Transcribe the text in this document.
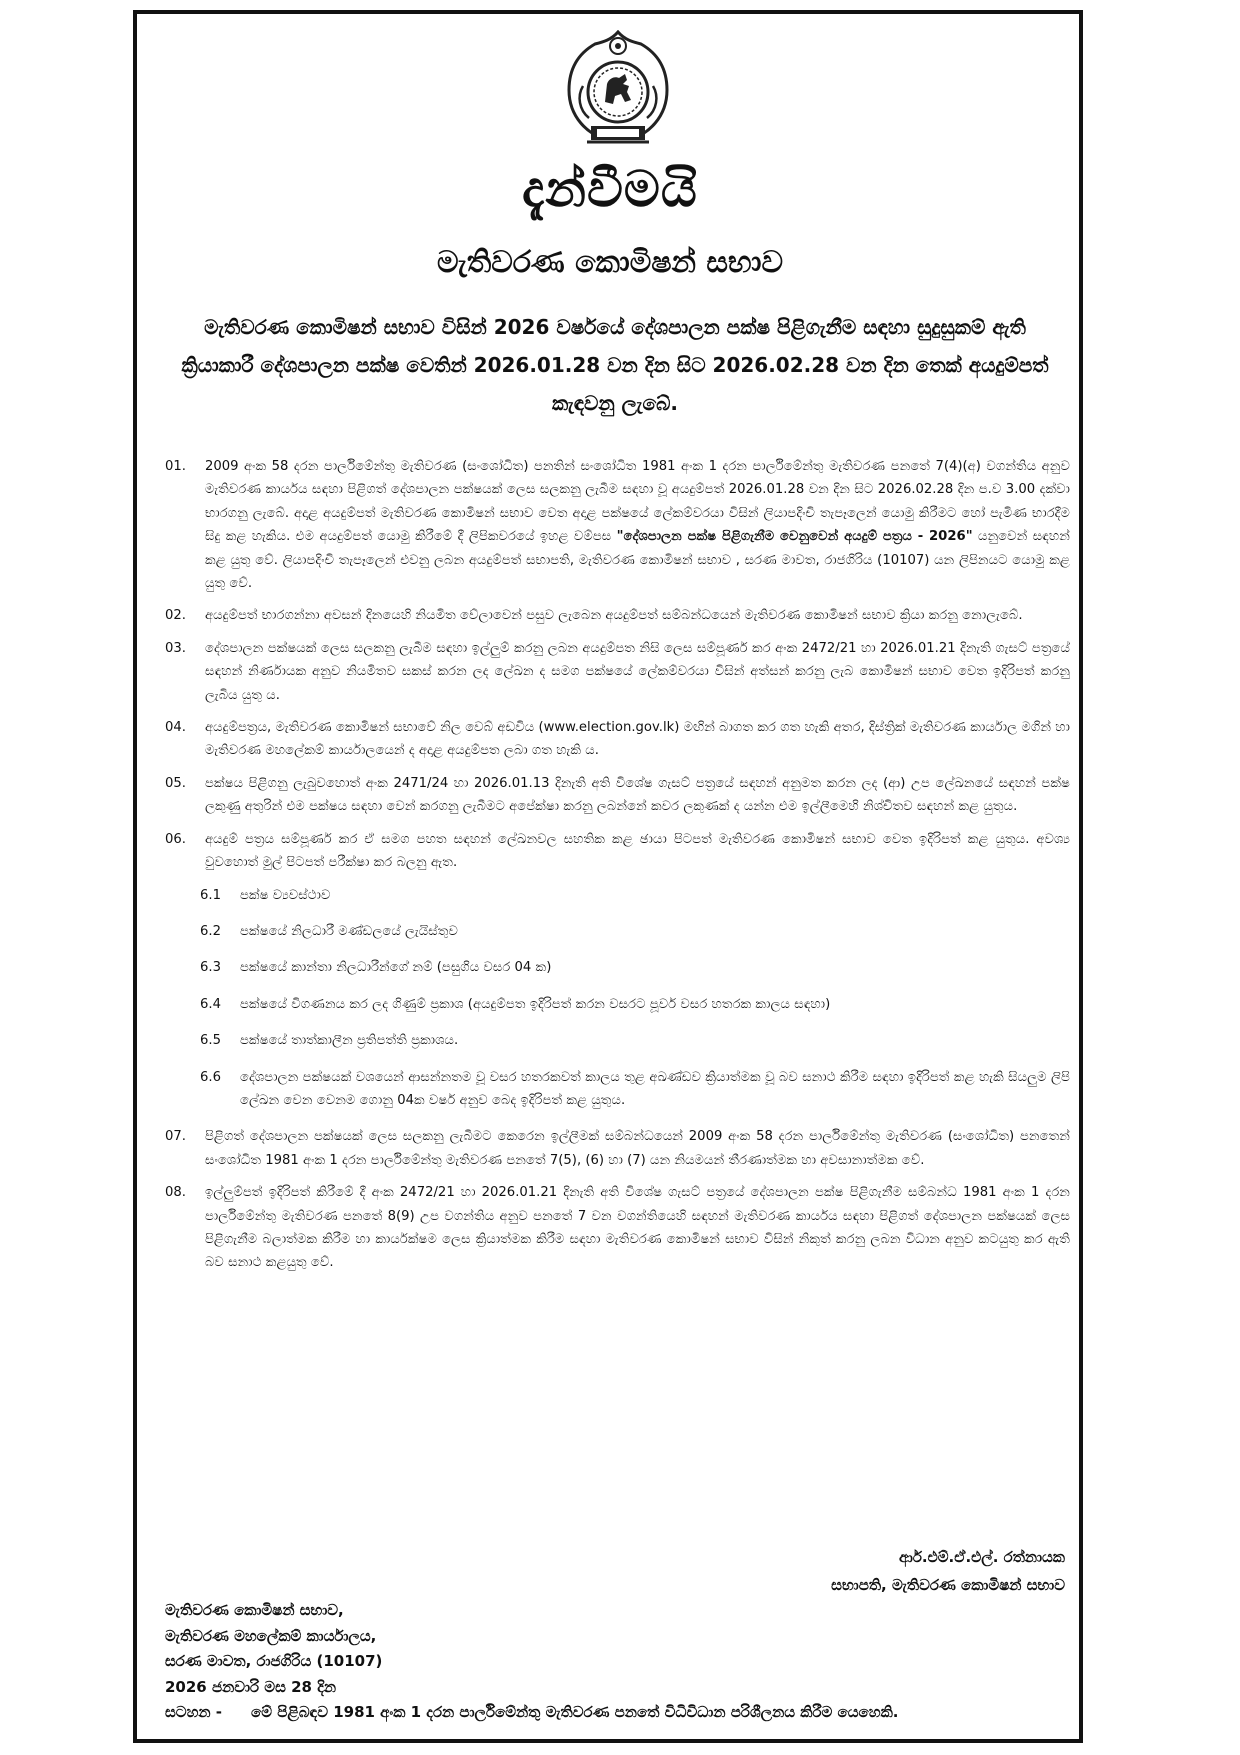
දැන්වීමයි
මැතිවරණ කොමිෂන් සභාව
මැතිවරණ කොමිෂන් සභාව විසින් 2026 වර්ෂයේ දේශපාලන පක්ෂ පිළිගැනීම සඳහා සුදුසුකම් ඇති ක්‍රියාකාරී දේශපාලන පක්ෂ වෙතින් 2026.01.28 වන දින සිට 2026.02.28 වන දින තෙක් අයදුම්පත් කැඳවනු ලැබේ.
01.	2009 අංක 58 දරන පාර්ලිමේන්තු මැතිවරණ (සංශෝධිත) පනතින් සංශෝධිත 1981 අංක 1 දරන පාර්ලිමේන්තු මැතිවරණ පනතේ 7(4)(අ) වගන්තිය අනුව මැතිවරණ කාර්යය සඳහා පිළිගත් දේශපාලන පක්ෂයක් ලෙස සලකනු ලැබීම සඳහා වූ අයදුම්පත් 2026.01.28 වන දින සිට 2026.02.28 දින ප.ව 3.00 දක්වා භාරගනු ලැබේ. අදාළ අයදුම්පත් මැතිවරණ කොමිෂන් සභාව වෙත අදාළ පක්ෂයේ ලේකම්වරයා විසින් ලියාපදිංචි තැපෑලෙන් යොමු කිරීමට හෝ පැමිණ භාරදීම සිදු කළ හැකිය. එම අයදුම්පත් යොමු කිරීමේ දී ලිපිකවරයේ ඉහළ වම්පස "දේශපාලන පක්ෂ පිළිගැනීම වෙනුවෙන් අයදුම් පත්‍රය - 2026" යනුවෙන් සඳහන් කළ යුතු වේ. ලියාපදිංචි තැපෑලෙන් එවනු ලබන අයදුම්පත් සභාපති, මැතිවරණ කොමිෂන් සභාව , සරණ මාවත, රාජගිරිය (10107) යන ලිපිනයට යොමු කළ යුතු වේ.
02.	අයදුම්පත් භාරගන්නා අවසන් දිනයෙහි නියමිත වේලාවෙන් පසුව ලැබෙන අයදුම්පත් සම්බන්ධයෙන් මැතිවරණ කොමිෂන් සභාව ක්‍රියා කරනු නොලැබේ.
03.	දේශපාලන පක්ෂයක් ලෙස සලකනු ලැබීම සඳහා ඉල්ලුම් කරනු ලබන අයදුම්පත නිසි ලෙස සම්පූර්ණ කර අංක 2472/21 හා 2026.01.21 දිනැති ගැසට් පත්‍රයේ සඳහන් නිර්ණායක අනුව නියමිතව සකස් කරන ලද ලේඛන ද සමග පක්ෂයේ ලේකම්වරයා විසින් අත්සන් කරනු ලැබ කොමිෂන් සභාව වෙත ඉදිරිපත් කරනු ලැබිය යුතු ය.
04.	අයදුම්පත්‍රය, මැතිවරණ කොමිෂන් සභාවේ නිල වෙබ් අඩවිය (www.election.gov.lk) මඟින් බාගත කර ගත හැකි අතර, දිස්ත්‍රික් මැතිවරණ කාර්යාල මගින් හා මැතිවරණ මහලේකම් කාර්යාලයෙන් ද අදාළ අයදුම්පත ලබා ගත හැකි ය.
05.	පක්ෂය පිළිගනු ලැබුවහොත් අංක 2471/24 හා 2026.01.13 දිනැති අති විශේෂ ගැසට් පත්‍රයේ සඳහන් අනුමත කරන ලද (ආ) උප ලේඛනයේ සඳහන් පක්ෂ ලකුණු අතුරින් එම පක්ෂය සඳහා වෙන් කරගනු ලැබීමට අපේක්ෂා කරනු ලබන්නේ කවර ලකුණක් ද යන්න එම ඉල්ලීමෙහි නිශ්චිතව සඳහන් කළ යුතුය.
06.	අයදුම් පත්‍රය සම්පූර්ණ කර ඒ සමග පහත සඳහන් ලේඛනවල සහතික කළ ඡායා පිටපත් මැතිවරණ කොමිෂන් සභාව වෙත ඉදිරිපත් කළ යුතුය. අවශ්‍ය වුවහොත් මුල් පිටපත් පරීක්ෂා කර බලනු ඇත.
6.1	පක්ෂ ව්‍යවස්ථාව
6.2	පක්ෂයේ නිලධාරී මණ්ඩලයේ ලැයිස්තුව
6.3	පක්ෂයේ කාන්තා නිලධාරීන්ගේ නම් (පසුගිය වසර 04 ක)
6.4	පක්ෂයේ විගණනය කර ලද ගිණුම් ප්‍රකාශ (අයදුම්පත ඉදිරිපත් කරන වසරට පූර්ව වසර හතරක කාලය සඳහා)
6.5	පක්ෂයේ තාත්කාලීන ප්‍රතිපත්ති ප්‍රකාශය.
6.6	දේශපාලන පක්ෂයක් වශයෙන් ආසන්නතම වූ වසර හතරකවත් කාලය තුළ අඛණ්ඩව ක්‍රියාත්මක වූ බව සනාථ කිරීම සඳහා ඉදිරිපත් කළ හැකි සියලුම ලිපි ලේඛන වෙන වෙනම ගොනු 04ක වර්ෂ අනුව බෙද ඉදිරිපත් කළ යුතුය.
07.	පිළිගත් දේශපාලන පක්ෂයක් ලෙස සලකනු ලැබීමට කෙරෙන ඉල්ලීමක් සම්බන්ධයෙන් 2009 අංක 58 දරන පාර්ලිමේන්තු මැතිවරණ (සංශෝධිත) පනතෙන් සංශෝධිත 1981 අංක 1 දරන පාර්ලිමේන්තු මැතිවරණ පනතේ 7(5), (6) හා (7) යන නියමයන් තීරණාත්මක හා අවසානාත්මක වේ.
08.	ඉල්ලුම්පත් ඉදිරිපත් කිරීමේ දී අංක 2472/21 හා 2026.01.21 දිනැති අති විශේෂ ගැසට් පත්‍රයේ දේශපාලන පක්ෂ පිළිගැනීම සම්බන්ධ 1981 අංක 1 දරන පාර්ලිමේන්තු මැතිවරණ පනතේ 8(9) උප වගන්තිය අනුව පනතේ 7 වන වගන්තියෙහි සඳහන් මැතිවරණ කාර්යය සඳහා පිළිගත් දේශපාලන පක්ෂයක් ලෙස පිළිගැනීම බලාත්මක කිරීම හා කාර්යක්ෂම ලෙස ක්‍රියාත්මක කිරීම සඳහා මැතිවරණ කොමිෂන් සභාව විසින් නිකුත් කරනු ලබන විධාන අනුව කටයුතු කර ඇති බව සනාථ කළයුතු වේ.
ආර්.එම්.ඒ.එල්. රත්නායක
සභාපති, මැතිවරණ කොමිෂන් සභාව
මැතිවරණ කොමිෂන් සභාව,
මැතිවරණ මහලේකම් කාර්යාලය,
සරණ මාවත, රාජගිරිය (10107)
2026 ජනවාරි මස 28 දින
සටහන -	මේ පිළිබඳව 1981 අංක 1 දරන පාර්ලිමේන්තු මැතිවරණ පනතේ විධිවිධාන පරිශීලනය කිරීම යෙහෙකි.
